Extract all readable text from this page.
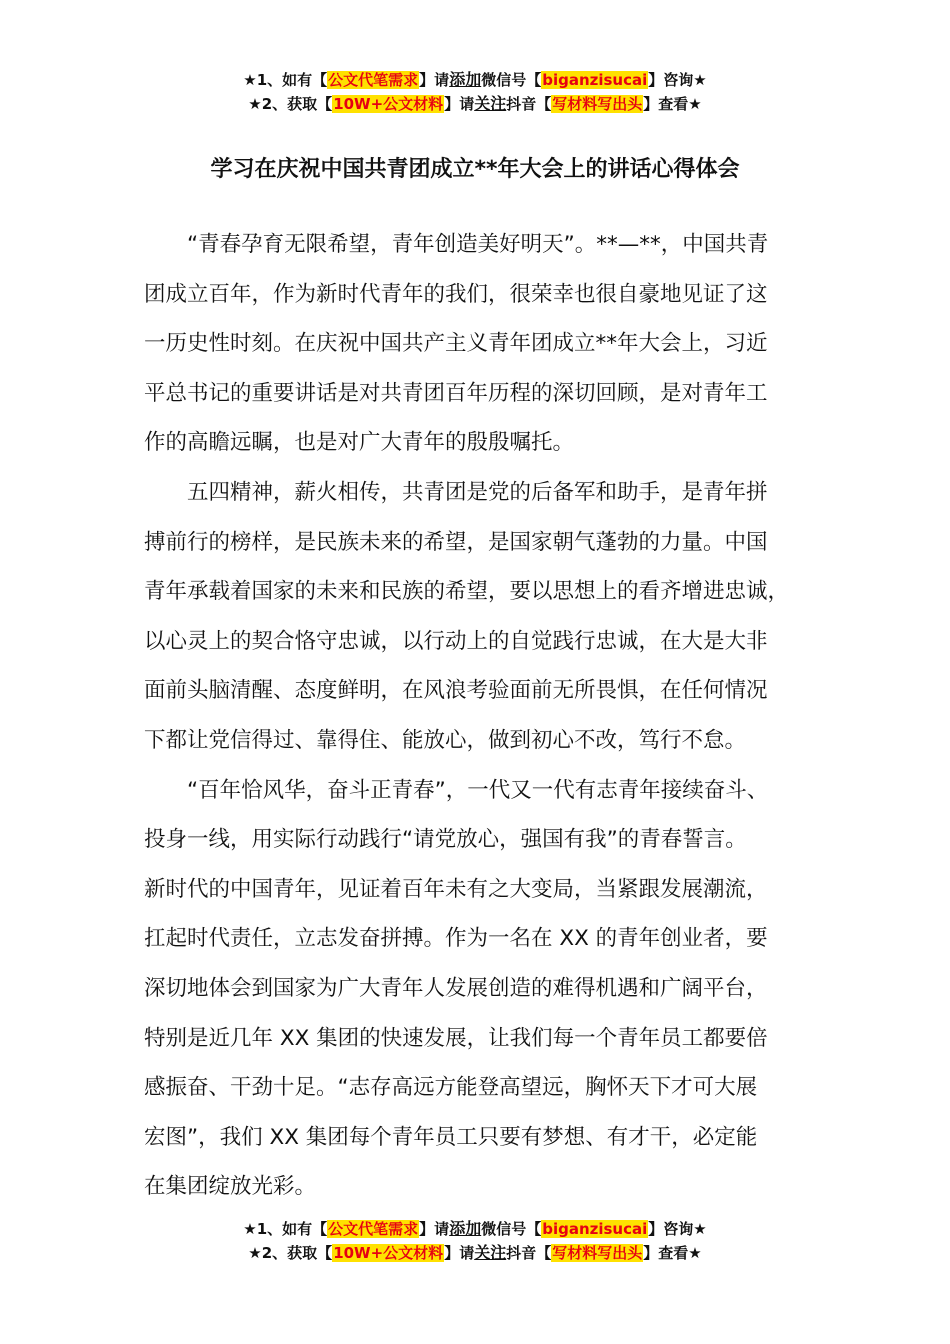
★1、如有【公文代笔需求】请添加微信号【biganzisucai】咨询★
★2、获取【10W+公文材料】请关注抖音【写材料写出头】查看★
学习在庆祝中国共青团成立**年大会上的讲话心得体会
“青春孕育无限希望，青年创造美好明天”。**—**，中国共青
团成立百年，作为新时代青年的我们，很荣幸也很自豪地见证了这
一历史性时刻。在庆祝中国共产主义青年团成立**年大会上，习近
平总书记的重要讲话是对共青团百年历程的深切回顾，是对青年工
作的高瞻远瞩，也是对广大青年的殷殷嘱托。
五四精神，薪火相传，共青团是党的后备军和助手，是青年拼
搏前行的榜样，是民族未来的希望，是国家朝气蓬勃的力量。中国
青年承载着国家的未来和民族的希望，要以思想上的看齐增进忠诚，
以心灵上的契合恪守忠诚，以行动上的自觉践行忠诚，在大是大非
面前头脑清醒、态度鲜明，在风浪考验面前无所畏惧，在任何情况
下都让党信得过、靠得住、能放心，做到初心不改，笃行不怠。
“百年恰风华，奋斗正青春”，一代又一代有志青年接续奋斗、
投身一线，用实际行动践行“请党放心，强国有我”的青春誓言。
新时代的中国青年，见证着百年未有之大变局，当紧跟发展潮流，
扛起时代责任，立志发奋拼搏。作为一名在 XX 的青年创业者，要
深切地体会到国家为广大青年人发展创造的难得机遇和广阔平台，
特别是近几年 XX 集团的快速发展，让我们每一个青年员工都要倍
感振奋、干劲十足。“志存高远方能登高望远，胸怀天下才可大展
宏图”，我们 XX 集团每个青年员工只要有梦想、有才干，必定能
在集团绽放光彩。
★1、如有【公文代笔需求】请添加微信号【biganzisucai】咨询★
★2、获取【10W+公文材料】请关注抖音【写材料写出头】查看★
